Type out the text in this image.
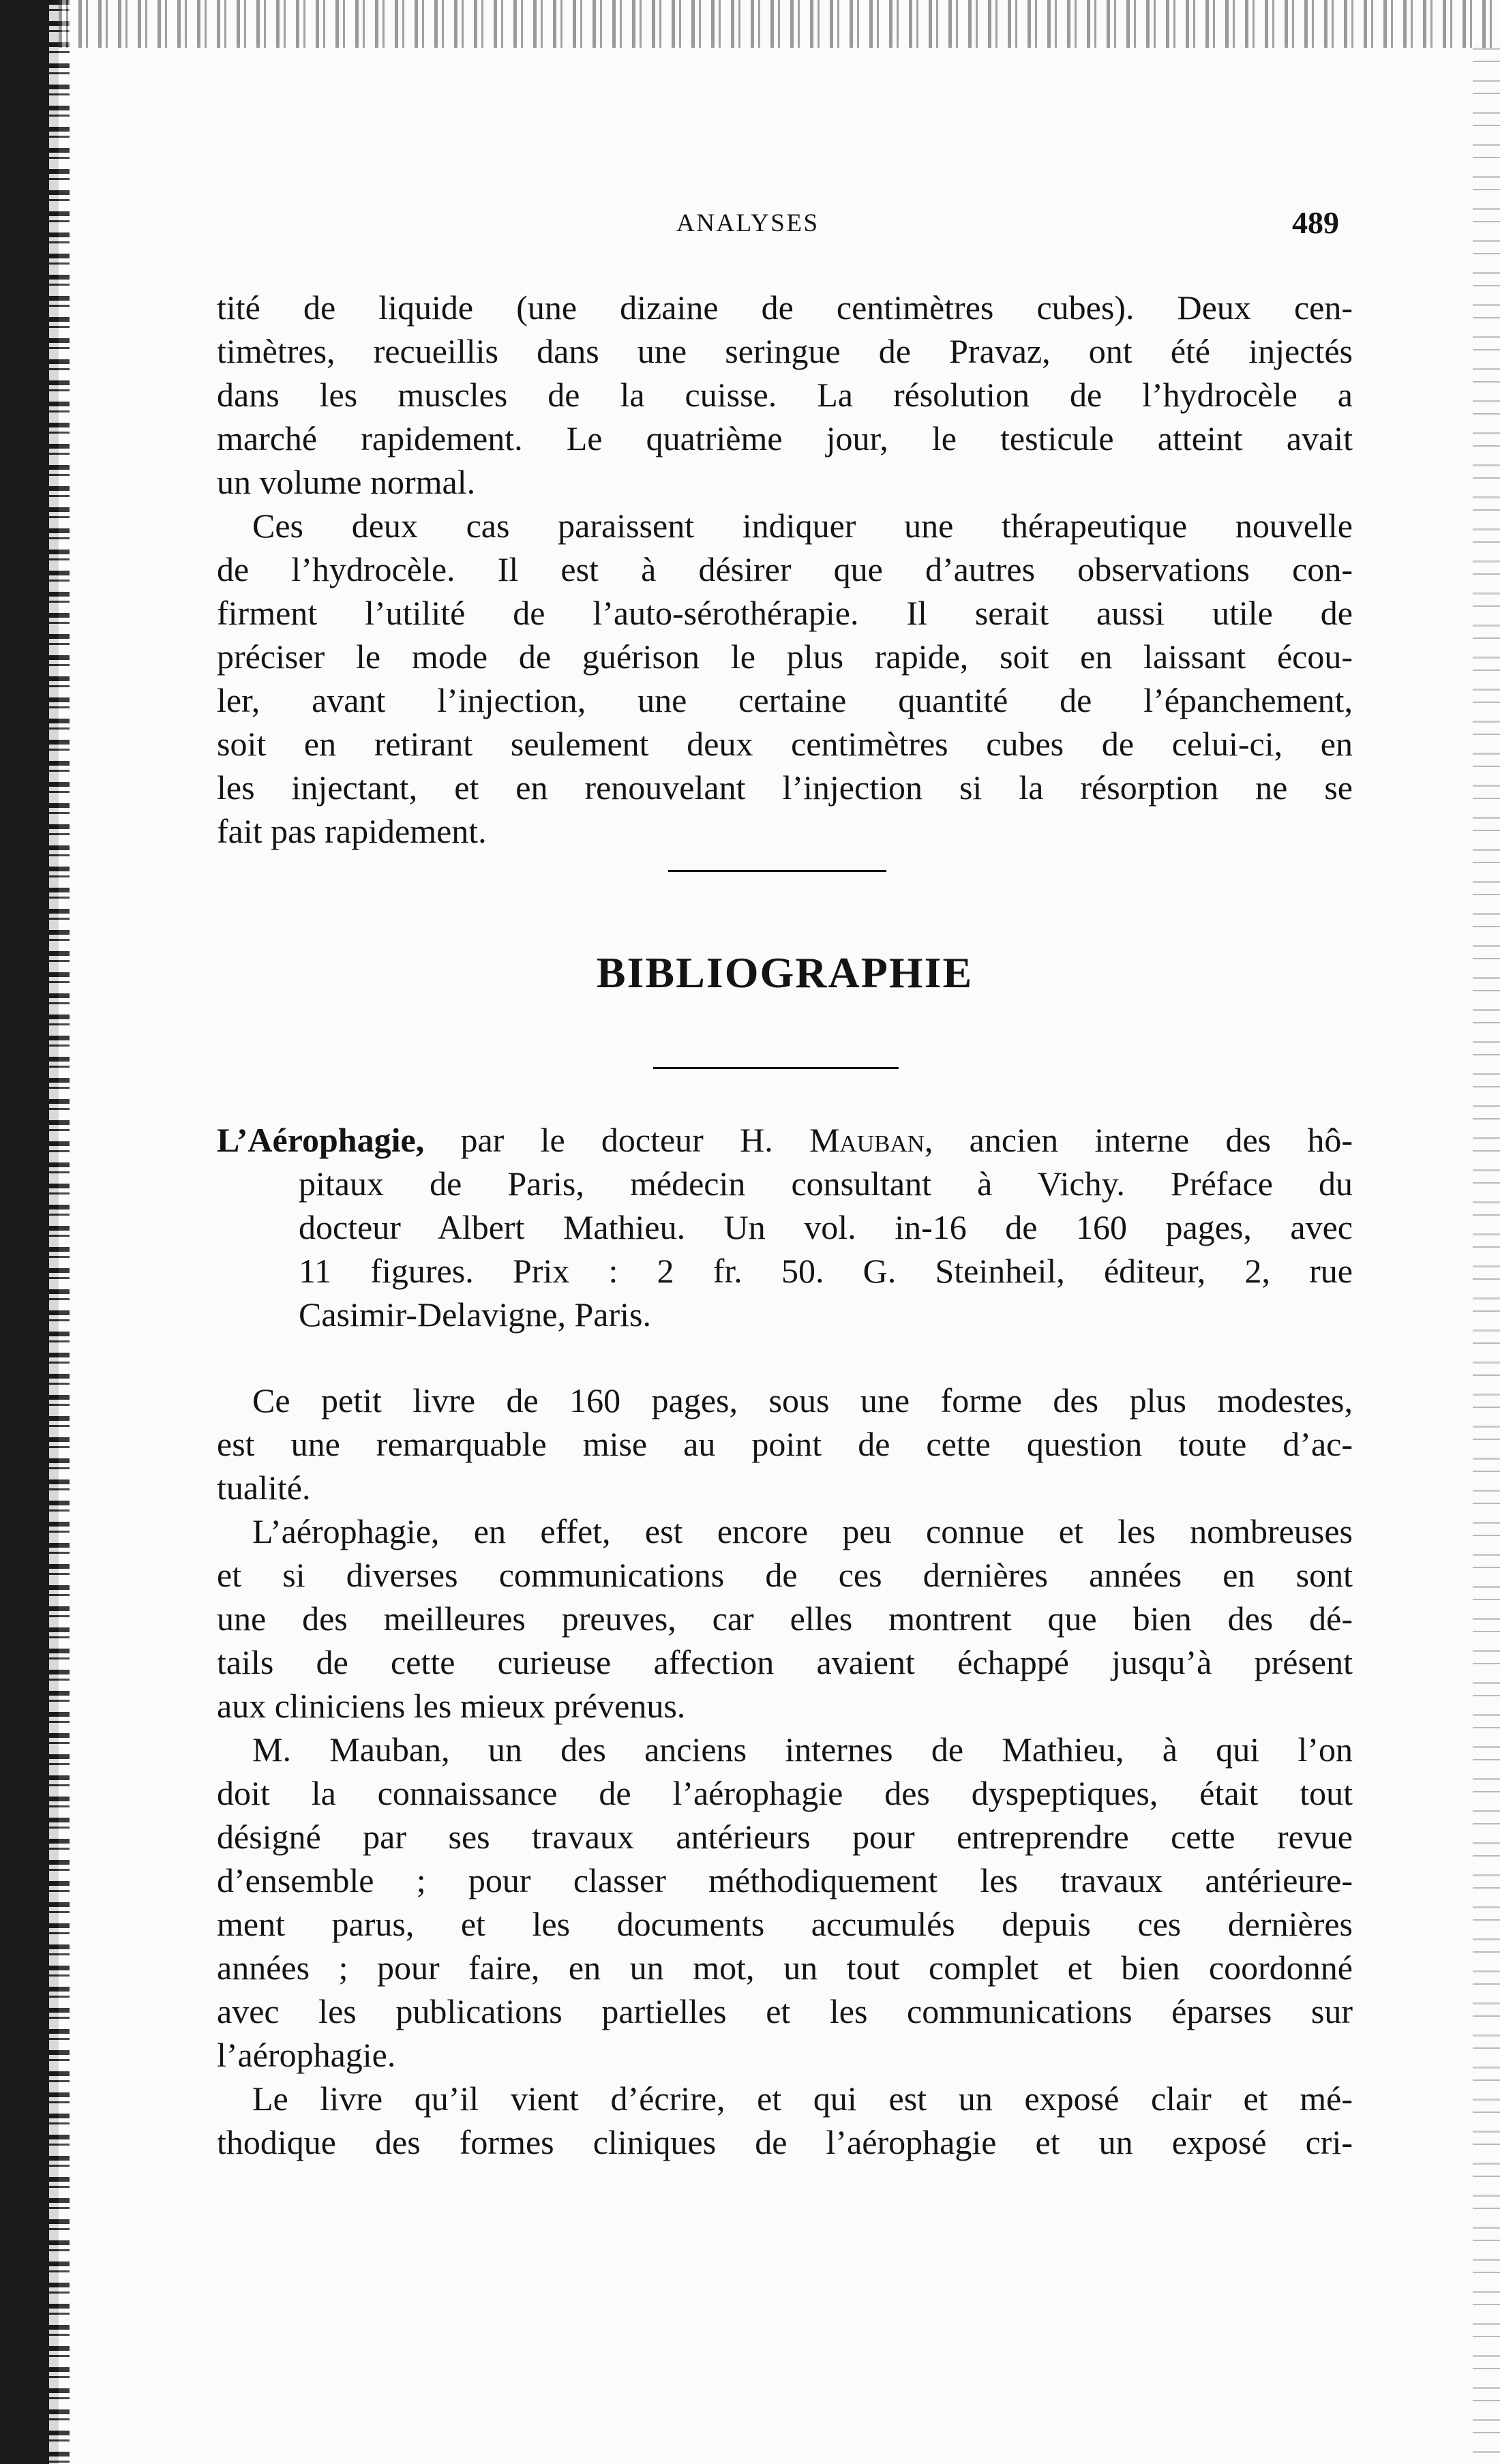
ANALYSES	489
tité de liquide (une dizaine de centimètres cubes). Deux cen-
timètres, recueillis dans une seringue de Pravaz, ont été injectés
dans les muscles de la cuisse. La résolution de l’hydrocèle a
marché rapidement. Le quatrième jour, le testicule atteint avait
un volume normal.
Ces deux cas paraissent indiquer une thérapeutique nouvelle
de l’hydrocèle. Il est à désirer que d’autres observations con-
firment l’utilité de l’auto-sérothérapie. Il serait aussi utile de
préciser le mode de guérison le plus rapide, soit en laissant écou-
ler, avant l’injection, une certaine quantité de l’épanchement,
soit en retirant seulement deux centimètres cubes de celui-ci, en
les injectant, et en renouvelant l’injection si la résorption ne se
fait pas rapidement.
BIBLIOGRAPHIE
L’Aérophagie, par le docteur H. Mauban, ancien interne des hô-
pitaux de Paris, médecin consultant à Vichy. Préface du
docteur Albert Mathieu. Un vol. in-16 de 160 pages, avec
11 figures. Prix : 2 fr. 50. G. Steinheil, éditeur, 2, rue
Casimir-Delavigne, Paris.
Ce petit livre de 160 pages, sous une forme des plus modestes,
est une remarquable mise au point de cette question toute d’ac-
tualité.
L’aérophagie, en effet, est encore peu connue et les nombreuses
et si diverses communications de ces dernières années en sont
une des meilleures preuves, car elles montrent que bien des dé-
tails de cette curieuse affection avaient échappé jusqu’à présent
aux cliniciens les mieux prévenus.
M. Mauban, un des anciens internes de Mathieu, à qui l’on
doit la connaissance de l’aérophagie des dyspeptiques, était tout
désigné par ses travaux antérieurs pour entreprendre cette revue
d’ensemble ; pour classer méthodiquement les travaux antérieure-
ment parus, et les documents accumulés depuis ces dernières
années ; pour faire, en un mot, un tout complet et bien coordonné
avec les publications partielles et les communications éparses sur
l’aérophagie.
Le livre qu’il vient d’écrire, et qui est un exposé clair et mé-
thodique des formes cliniques de l’aérophagie et un exposé cri-
